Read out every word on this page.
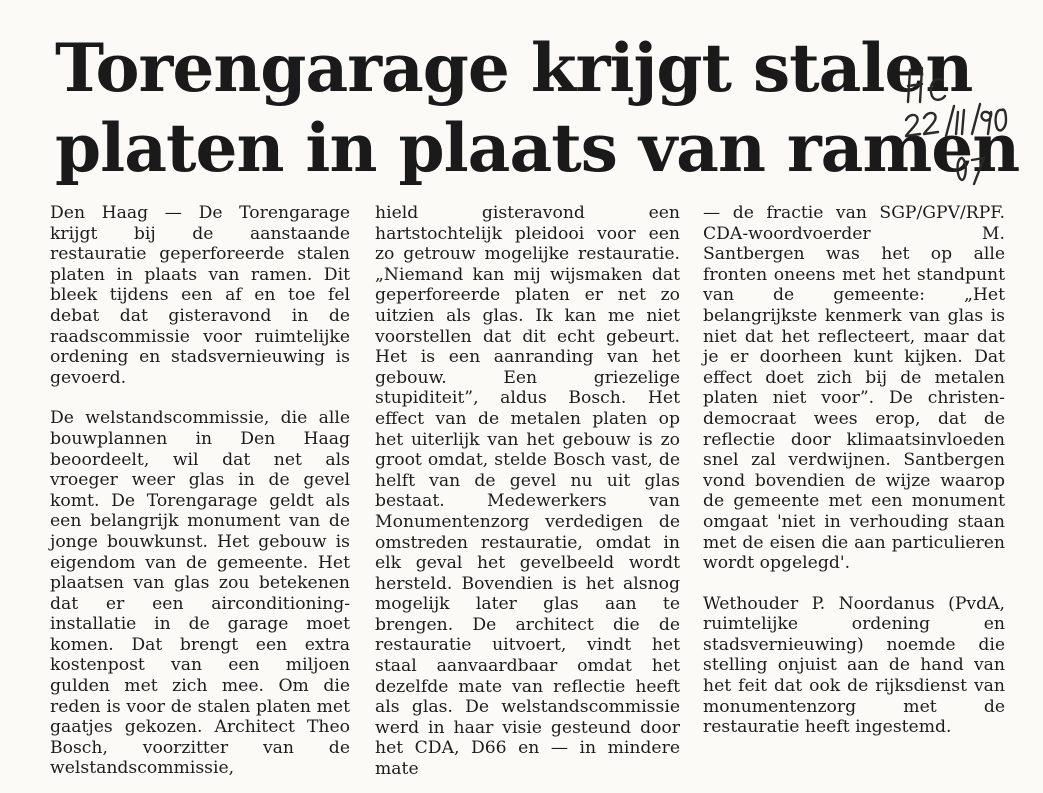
Torengarage krijgt stalen
platen in plaats van ramen

Den Haag — De Torengarage krijgt bij de aanstaande restauratie geperforeerde stalen platen in plaats van ramen. Dit bleek tijdens een af en toe fel debat dat gisteravond in de raadscommissie voor ruimtelijke ordening en stadsvernieuwing is gevoerd.

De welstandscommissie, die alle bouwplannen in Den Haag beoordeelt, wil dat net als vroeger weer glas in de gevel komt. De Torengarage geldt als een belangrijk monument van de jonge bouwkunst. Het gebouw is eigendom van de gemeente. Het plaatsen van glas zou betekenen dat er een airconditioning-installatie in de garage moet komen. Dat brengt een extra kostenpost van een miljoen gulden met zich mee. Om die reden is voor de stalen platen met gaatjes gekozen. Architect Theo Bosch, voorzitter van de welstandscommissie,

hield gisteravond een hartstochtelijk pleidooi voor een zo getrouw mogelijke restauratie. „Niemand kan mij wijsmaken dat geperforeerde platen er net zo uitzien als glas. Ik kan me niet voorstellen dat dit echt gebeurt. Het is een aanranding van het gebouw. Een griezelige stupiditeit”, aldus Bosch. Het effect van de metalen platen op het uiterlijk van het gebouw is zo groot omdat, stelde Bosch vast, de helft van de gevel nu uit glas bestaat. Medewerkers van Monumentenzorg verdedigen de omstreden restauratie, omdat in elk geval het gevelbeeld wordt hersteld. Bovendien is het alsnog mogelijk later glas aan te brengen. De architect die de restauratie uitvoert, vindt het staal aanvaardbaar omdat het dezelfde mate van reflectie heeft als glas. De welstandscommissie werd in haar visie gesteund door het CDA, D66 en — in mindere mate

— de fractie van SGP/GPV/RPF. CDA-woordvoerder M. Santbergen was het op alle fronten oneens met het standpunt van de gemeente: „Het belangrijkste kenmerk van glas is niet dat het reflecteert, maar dat je er doorheen kunt kijken. Dat effect doet zich bij de metalen platen niet voor”. De christen-democraat wees erop, dat de reflectie door klimaatsinvloeden snel zal verdwijnen. Santbergen vond bovendien de wijze waarop de gemeente met een monument omgaat 'niet in verhouding staan met de eisen die aan particulieren wordt opgelegd'.

Wethouder P. Noordanus (PvdA, ruimtelijke ordening en stadsvernieuwing) noemde die stelling onjuist aan de hand van het feit dat ook de rijksdienst van monumentenzorg met de restauratie heeft ingestemd.
